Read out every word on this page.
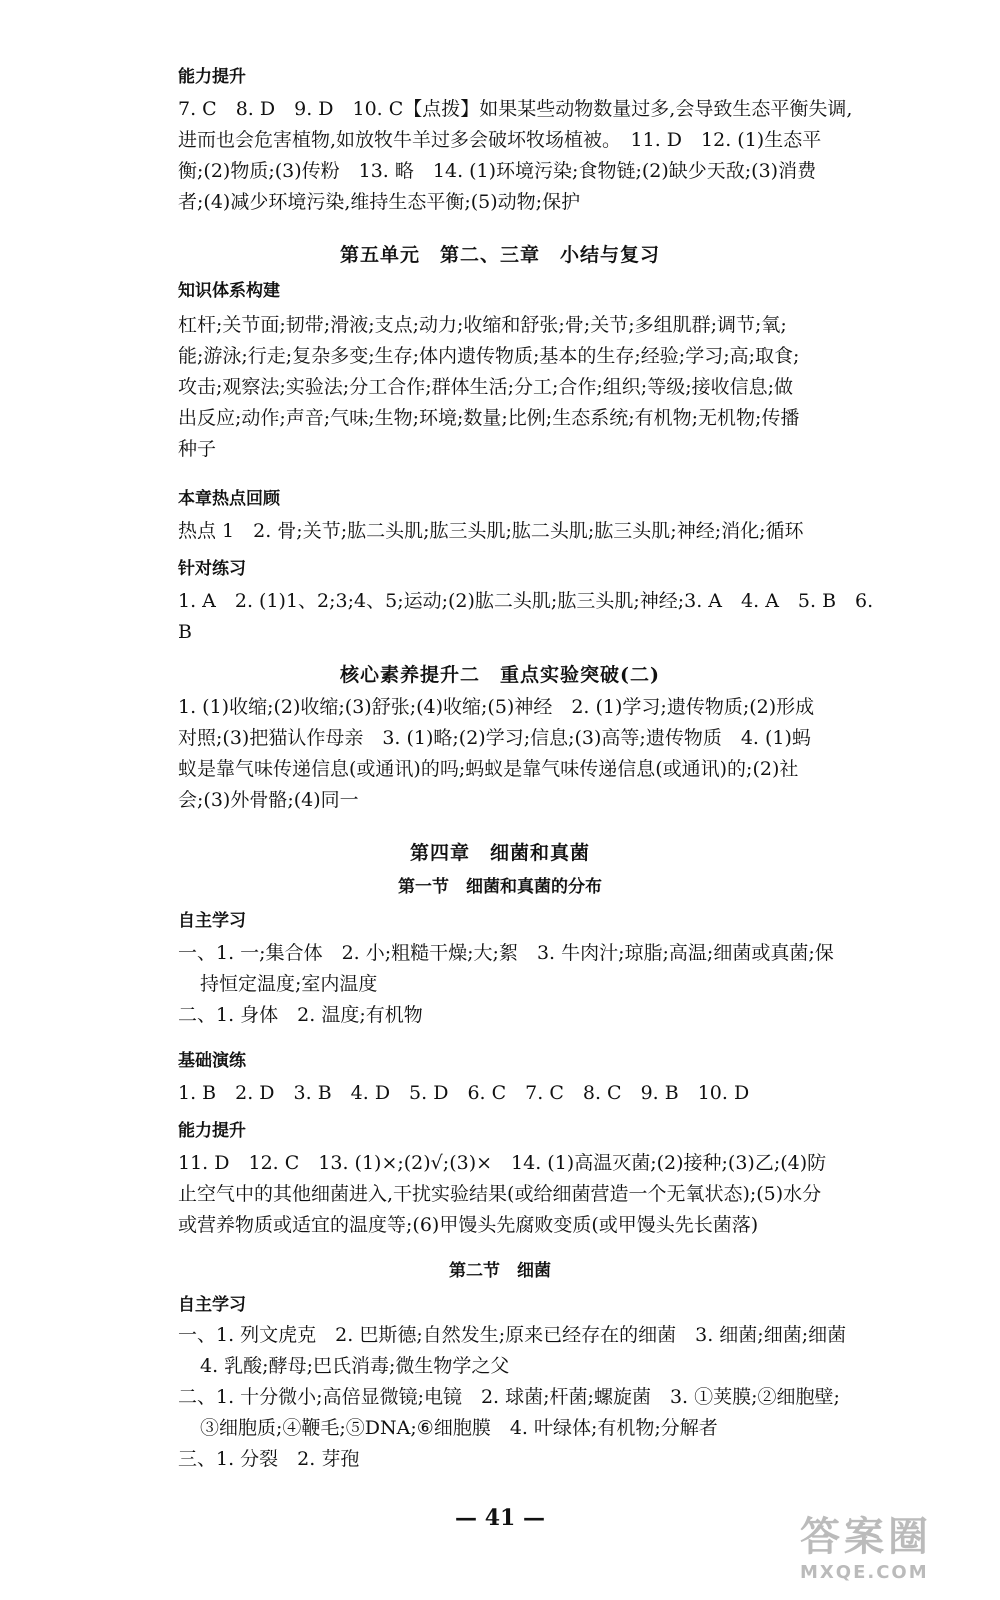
能力提升
7. C　8. D　9. D　10. C【点拨】如果某些动物数量过多,会导致生态平衡失调,
进而也会危害植物,如放牧牛羊过多会破坏牧场植被。　11. D　12. (1)生态平
衡;(2)物质;(3)传粉　13. 略　14. (1)环境污染;食物链;(2)缺少天敌;(3)消费
者;(4)减少环境污染,维持生态平衡;(5)动物;保护
第五单元　第二、三章　小结与复习
知识体系构建
杠杆;关节面;韧带;滑液;支点;动力;收缩和舒张;骨;关节;多组肌群;调节;氧;
能;游泳;行走;复杂多变;生存;体内遗传物质;基本的生存;经验;学习;高;取食;
攻击;观察法;实验法;分工合作;群体生活;分工;合作;组织;等级;接收信息;做
出反应;动作;声音;气味;生物;环境;数量;比例;生态系统;有机物;无机物;传播
种子
本章热点回顾
热点 1　2. 骨;关节;肱二头肌;肱三头肌;肱二头肌;肱三头肌;神经;消化;循环
针对练习
1. A　2. (1)1、2;3;4、5;运动;(2)肱二头肌;肱三头肌;神经;3. A　4. A　5. B　6.
B
核心素养提升二　重点实验突破(二)
1. (1)收缩;(2)收缩;(3)舒张;(4)收缩;(5)神经　2. (1)学习;遗传物质;(2)形成
对照;(3)把猫认作母亲　3. (1)略;(2)学习;信息;(3)高等;遗传物质　4. (1)蚂
蚁是靠气味传递信息(或通讯)的吗;蚂蚁是靠气味传递信息(或通讯)的;(2)社
会;(3)外骨骼;(4)同一
第四章　细菌和真菌
第一节　细菌和真菌的分布
自主学习
一、1. 一;集合体　2. 小;粗糙干燥;大;絮　3. 牛肉汁;琼脂;高温;细菌或真菌;保
持恒定温度;室内温度
二、1. 身体　2. 温度;有机物
基础演练
1. B　2. D　3. B　4. D　5. D　6. C　7. C　8. C　9. B　10. D
能力提升
11. D　12. C　13. (1)×;(2)√;(3)×　14. (1)高温灭菌;(2)接种;(3)乙;(4)防
止空气中的其他细菌进入,干扰实验结果(或给细菌营造一个无氧状态);(5)水分
或营养物质或适宜的温度等;(6)甲馒头先腐败变质(或甲馒头先长菌落)
第二节　细菌
自主学习
一、1. 列文虎克　2. 巴斯德;自然发生;原来已经存在的细菌　3. 细菌;细菌;细菌
4. 乳酸;酵母;巴氏消毒;微生物学之父
二、1. 十分微小;高倍显微镜;电镜　2. 球菌;杆菌;螺旋菌　3. ①荚膜;②细胞壁;
③细胞质;④鞭毛;⑤DNA;⑥细胞膜　4. 叶绿体;有机物;分解者
三、1. 分裂　2. 芽孢
— 41 —	答案圈
MXQE.COM
